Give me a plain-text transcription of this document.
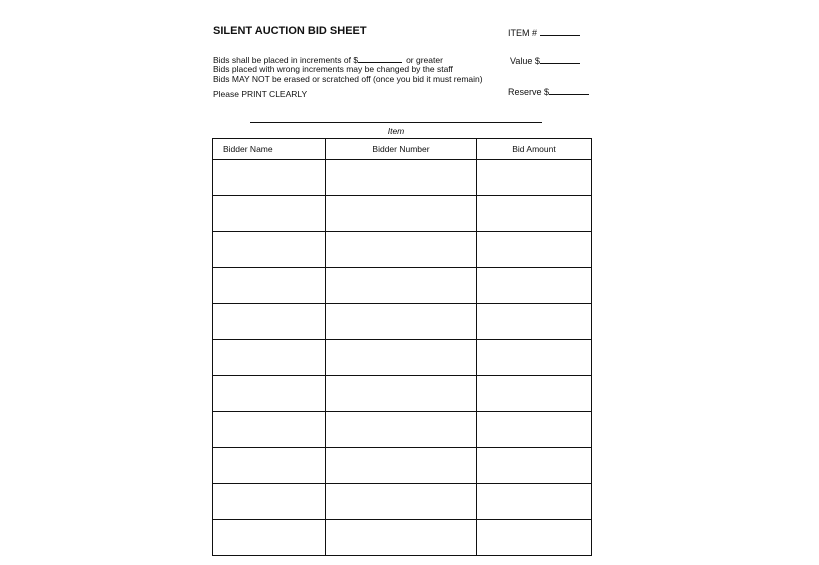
SILENT AUCTION BID SHEET	ITEM #
Value $
Reserve $
Bids shall be placed in increments of $	or greater
Bids placed with wrong increments may be changed by the staff
Bids MAY NOT be erased or scratched off (once you bid it must remain)
Please PRINT CLEARLY
Item
Bidder Name	Bidder Number	Bid Amount
